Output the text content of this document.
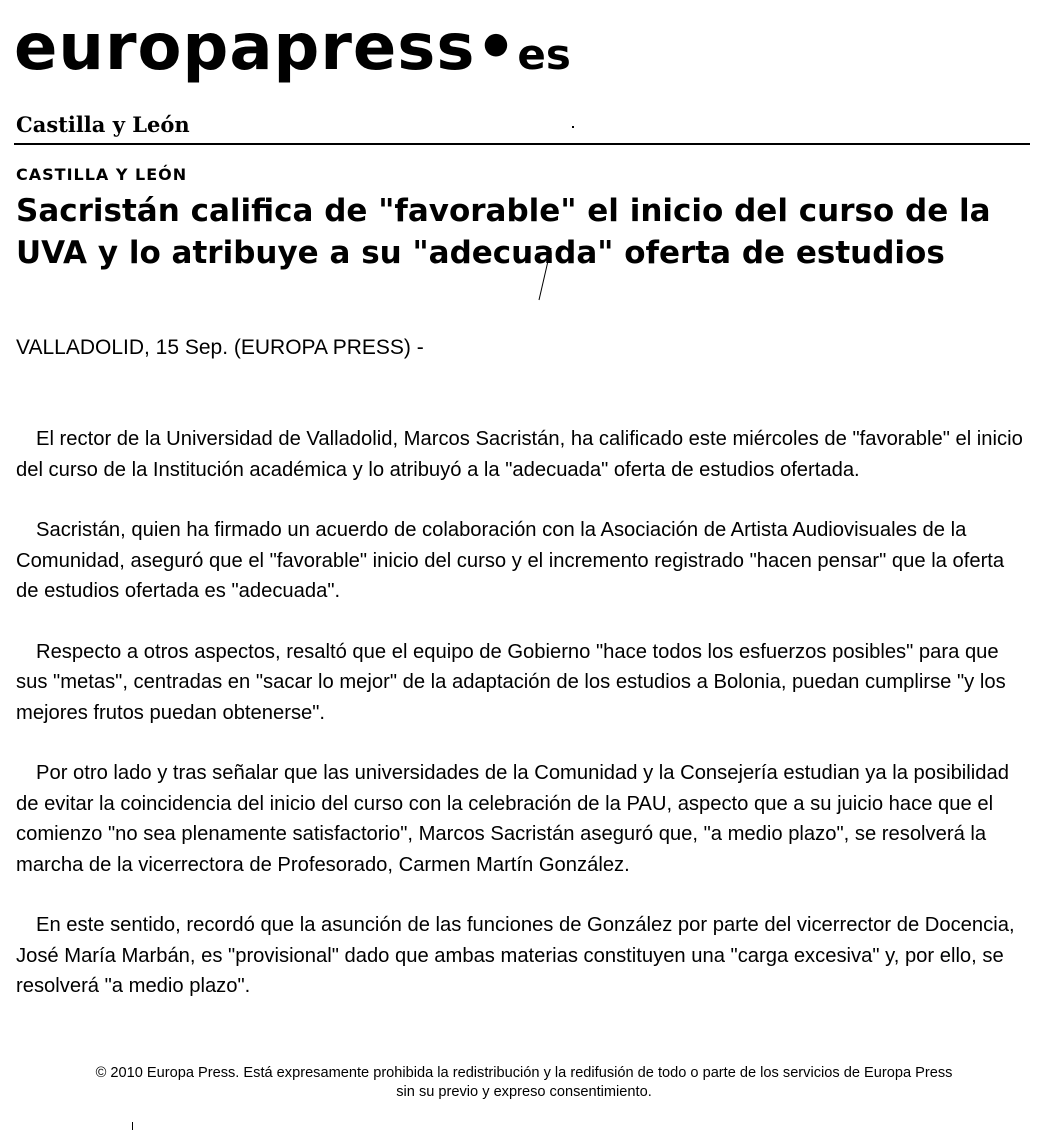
europapress•es
Castilla y León
CASTILLA Y LEÓN
Sacristán califica de "favorable" el inicio del curso de la UVA y lo atribuye a su "adecuada" oferta de estudios
VALLADOLID, 15 Sep. (EUROPA PRESS) -

El rector de la Universidad de Valladolid, Marcos Sacristán, ha calificado este miércoles de "favorable" el inicio del curso de la Institución académica y lo atribuyó a la "adecuada" oferta de estudios ofertada.

Sacristán, quien ha firmado un acuerdo de colaboración con la Asociación de Artista Audiovisuales de la Comunidad, aseguró que el "favorable" inicio del curso y el incremento registrado "hacen pensar" que la oferta de estudios ofertada es "adecuada".

Respecto a otros aspectos, resaltó que el equipo de Gobierno "hace todos los esfuerzos posibles" para que sus "metas", centradas en "sacar lo mejor" de la adaptación de los estudios a Bolonia, puedan cumplirse "y los mejores frutos puedan obtenerse".

Por otro lado y tras señalar que las universidades de la Comunidad y la Consejería estudian ya la posibilidad de evitar la coincidencia del inicio del curso con la celebración de la PAU, aspecto que a su juicio hace que el comienzo "no sea plenamente satisfactorio", Marcos Sacristán aseguró que, "a medio plazo", se resolverá la marcha de la vicerrectora de Profesorado, Carmen Martín González.

En este sentido, recordó que la asunción de las funciones de González por parte del vicerrector de Docencia, José María Marbán, es "provisional" dado que ambas materias constituyen una "carga excesiva" y, por ello, se resolverá "a medio plazo".

© 2010 Europa Press. Está expresamente prohibida la redistribución y la redifusión de todo o parte de los servicios de Europa Press
sin su previo y expreso consentimiento.
